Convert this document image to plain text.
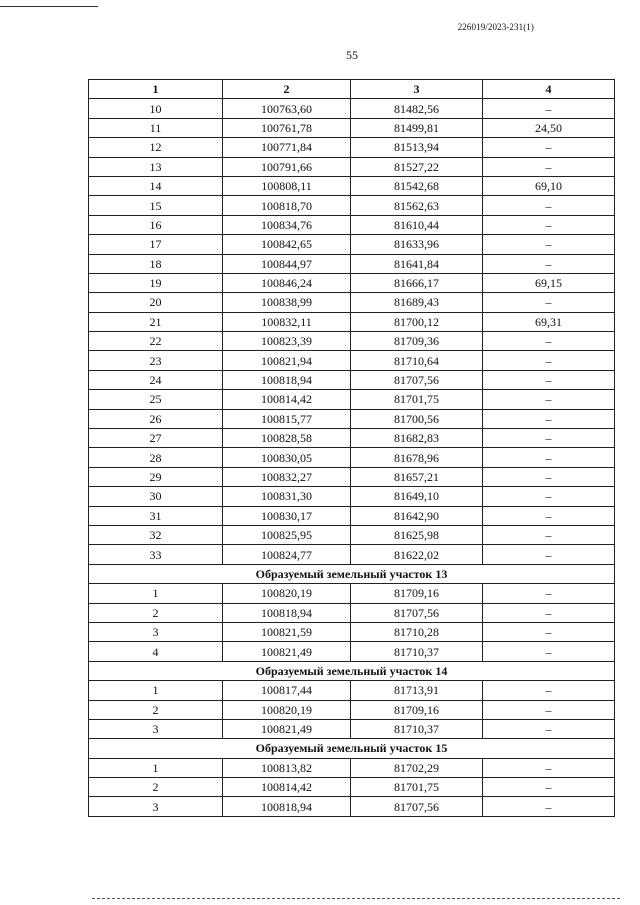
226019/2023-231(1)
55
1	2	3	4
10	100763,60	81482,56	–
11	100761,78	81499,81	24,50
12	100771,84	81513,94	–
13	100791,66	81527,22	–
14	100808,11	81542,68	69,10
15	100818,70	81562,63	–
16	100834,76	81610,44	–
17	100842,65	81633,96	–
18	100844,97	81641,84	–
19	100846,24	81666,17	69,15
20	100838,99	81689,43	–
21	100832,11	81700,12	69,31
22	100823,39	81709,36	–
23	100821,94	81710,64	–
24	100818,94	81707,56	–
25	100814,42	81701,75	–
26	100815,77	81700,56	–
27	100828,58	81682,83	–
28	100830,05	81678,96	–
29	100832,27	81657,21	–
30	100831,30	81649,10	–
31	100830,17	81642,90	–
32	100825,95	81625,98	–
33	100824,77	81622,02	–
Образуемый земельный участок 13			
1	100820,19	81709,16	–
2	100818,94	81707,56	–
3	100821,59	81710,28	–
4	100821,49	81710,37	–
Образуемый земельный участок 14			
1	100817,44	81713,91	–
2	100820,19	81709,16	–
3	100821,49	81710,37	–
Образуемый земельный участок 15			
1	100813,82	81702,29	–
2	100814,42	81701,75	–
3	100818,94	81707,56	–
